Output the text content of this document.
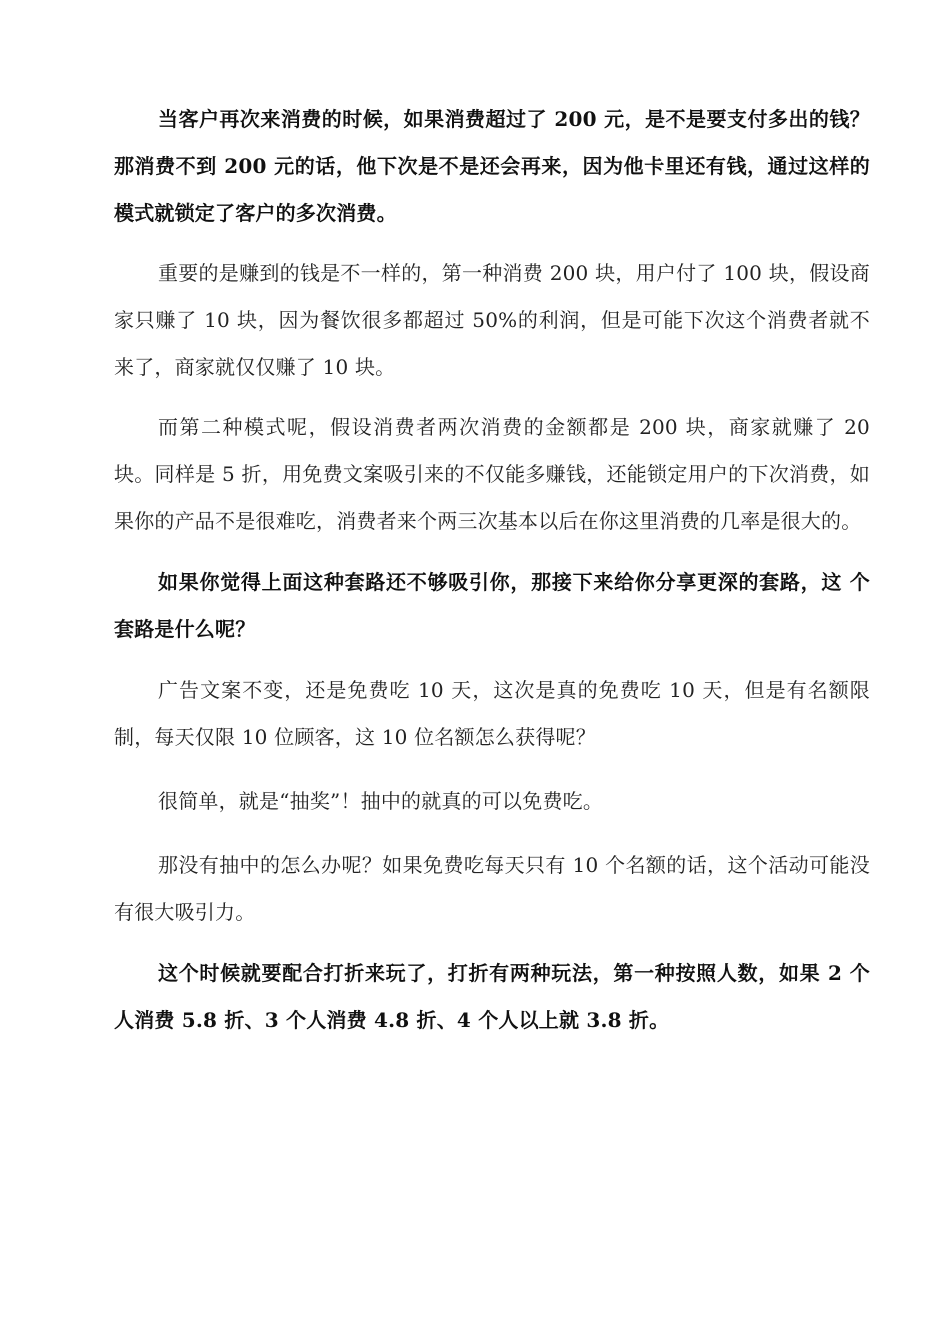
当客户再次来消费的时候，如果消费超过了 200 元，是不是要支付多出的钱？那消费不到 200 元的话，他下次是不是还会再来，因为他卡里还有钱，通过这样的模式就锁定了客户的多次消费。

重要的是赚到的钱是不一样的，第一种消费 200 块，用户付了 100 块，假设商家只赚了 10 块，因为餐饮很多都超过 50%的利润，但是可能下次这个消费者就不来了，商家就仅仅赚了 10 块。

而第二种模式呢，假设消费者两次消费的金额都是 200 块，商家就赚了 20 块。同样是 5 折，用免费文案吸引来的不仅能多赚钱，还能锁定用户的下次消费，如果你的产品不是很难吃，消费者来个两三次基本以后在你这里消费的几率是很大的。

如果你觉得上面这种套路还不够吸引你，那接下来给你分享更深的套路，这 个套路是什么呢？

广告文案不变，还是免费吃 10 天，这次是真的免费吃 10 天，但是有名额限制，每天仅限 10 位顾客，这 10 位名额怎么获得呢？

很简单，就是“抽奖”！抽中的就真的可以免费吃。

那没有抽中的怎么办呢？如果免费吃每天只有 10 个名额的话，这个活动可能没有很大吸引力。

这个时候就要配合打折来玩了，打折有两种玩法，第一种按照人数，如果 2 个人消费 5.8 折、3 个人消费 4.8 折、4 个人以上就 3.8 折。
